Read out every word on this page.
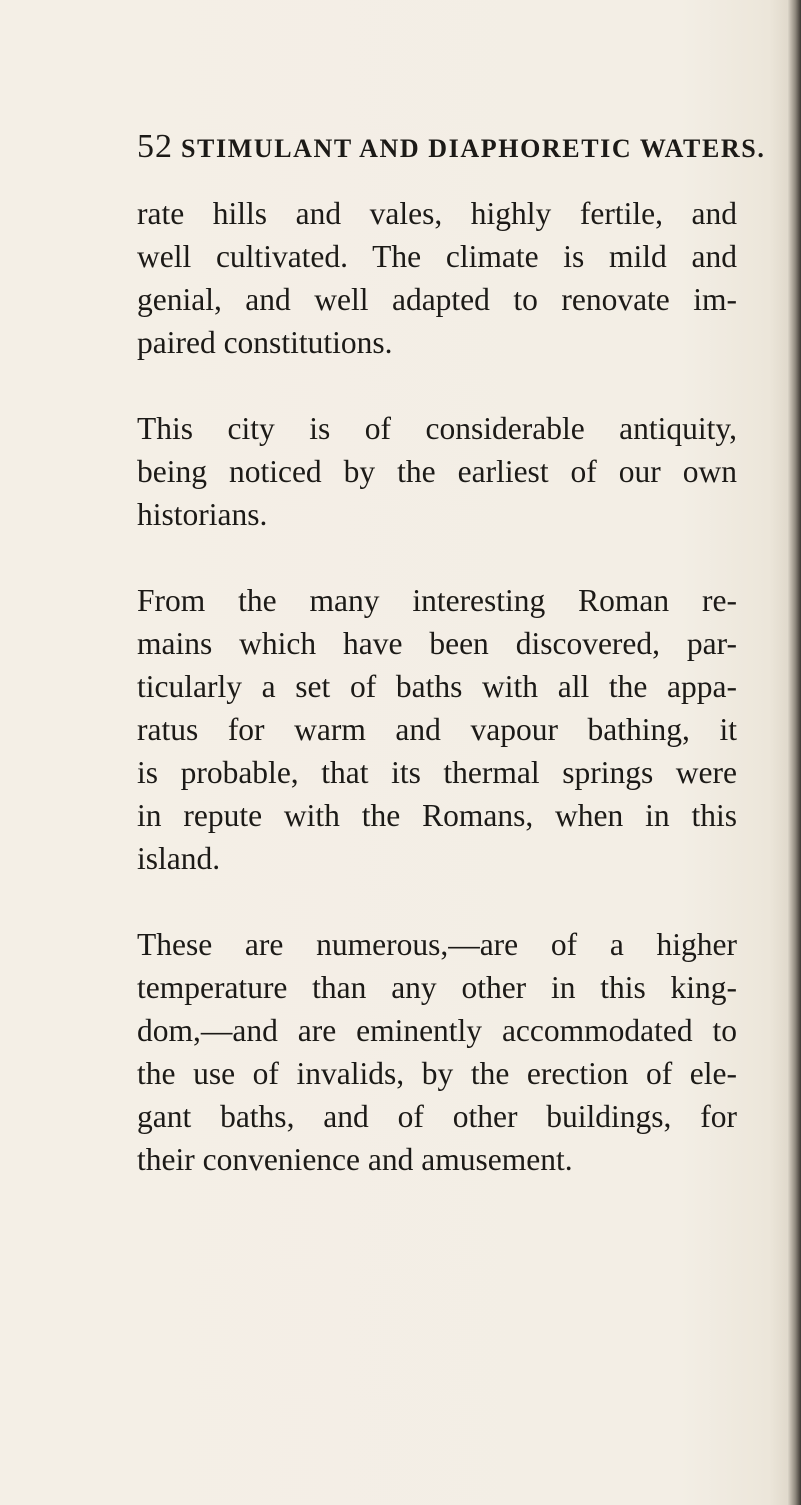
52 STIMULANT AND DIAPHORETIC WATERS.

rate hills and vales, highly fertile, and
well cultivated. The climate is mild and
genial, and well adapted to renovate im-
paired constitutions.

This city is of considerable antiquity,
being noticed by the earliest of our own
historians.

From the many interesting Roman re-
mains which have been discovered, par-
ticularly a set of baths with all the appa-
ratus for warm and vapour bathing, it
is probable, that its thermal springs were
in repute with the Romans, when in this
island.

These are numerous,—are of a higher
temperature than any other in this king-
dom,—and are eminently accommodated to
the use of invalids, by the erection of ele-
gant baths, and of other buildings, for
their convenience and amusement.
